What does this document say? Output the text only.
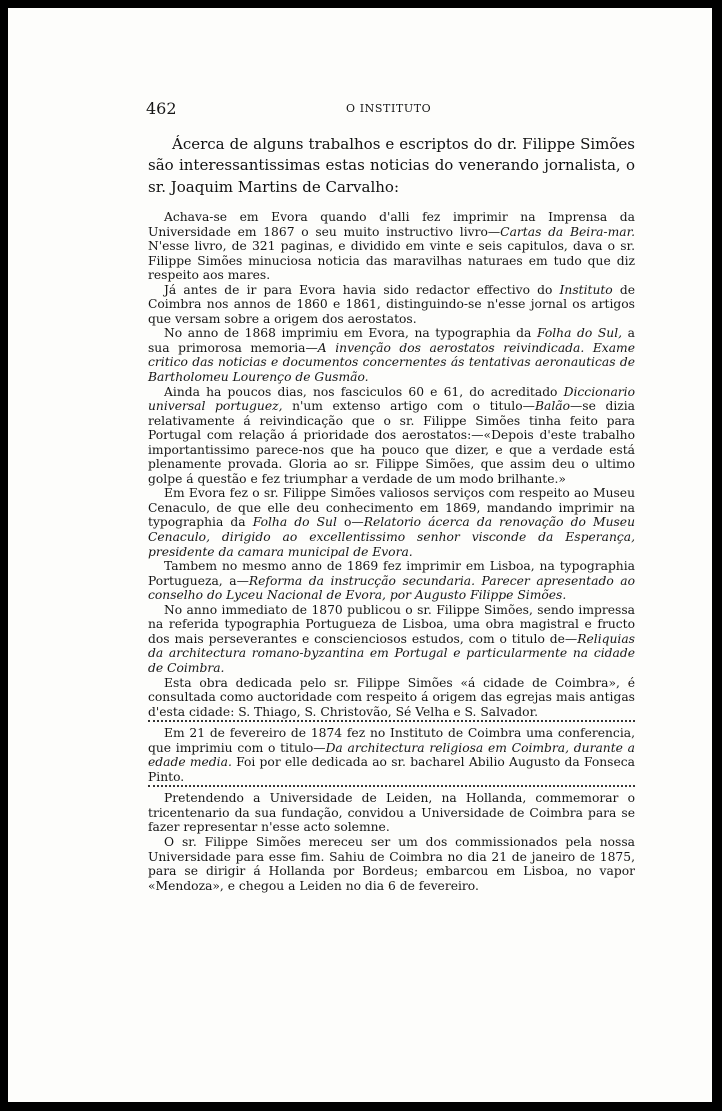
462	O INSTITUTO

Ácerca de alguns trabalhos e escriptos do dr. Filippe Simões são interessantissimas estas noticias do venerando jornalista, o sr. Joaquim Martins de Carvalho:

Achava-se em Evora quando d'alli fez imprimir na Imprensa da Universidade em 1867 o seu muito instructivo livro—Cartas da Beira-mar. N'esse livro, de 321 paginas, e dividido em vinte e seis capitulos, dava o sr. Filippe Simões minuciosa noticia das maravilhas naturaes em tudo que diz respeito aos mares.

Já antes de ir para Evora havia sido redactor effectivo do Instituto de Coimbra nos annos de 1860 e 1861, distinguindo-se n'esse jornal os artigos que versam sobre a origem dos aerostatos.

No anno de 1868 imprimiu em Evora, na typographia da Folha do Sul, a sua primorosa memoria—A invenção dos aerostatos reivindicada. Exame critico das noticias e documentos concernentes ás tentativas aeronauticas de Bartholomeu Lourenço de Gusmão.

Ainda ha poucos dias, nos fasciculos 60 e 61, do acreditado Diccionario universal portuguez, n'um extenso artigo com o titulo—Balão—se dizia relativamente á reivindicação que o sr. Filippe Simões tinha feito para Portugal com relação á prioridade dos aerostatos:—«Depois d'este trabalho importantissimo parece-nos que ha pouco que dizer, e que a verdade está plenamente provada. Gloria ao sr. Filippe Simões, que assim deu o ultimo golpe á questão e fez triumphar a verdade de um modo brilhante.»

Em Evora fez o sr. Filippe Simões valiosos serviços com respeito ao Museu Cenaculo, de que elle deu conhecimento em 1869, mandando imprimir na typographia da Folha do Sul o—Relatorio ácerca da renovação do Museu Cenaculo, dirigido ao excellentissimo senhor visconde da Esperança, presidente da camara municipal de Evora.

Tambem no mesmo anno de 1869 fez imprimir em Lisboa, na typographia Portugueza, a—Reforma da instrucção secundaria. Parecer apresentado ao conselho do Lyceu Nacional de Evora, por Augusto Filippe Simões.

No anno immediato de 1870 publicou o sr. Filippe Simões, sendo impressa na referida typographia Portugueza de Lisboa, uma obra magistral e fructo dos mais perseverantes e conscienciosos estudos, com o titulo de—Reliquias da architectura romano-byzantina em Portugal e particularmente na cidade de Coimbra.

Esta obra dedicada pelo sr. Filippe Simões «á cidade de Coimbra», é consultada como auctoridade com respeito á origem das egrejas mais antigas d'esta cidade: S. Thiago, S. Christovão, Sé Velha e S. Salvador.

Em 21 de fevereiro de 1874 fez no Instituto de Coimbra uma conferencia, que imprimiu com o titulo—Da architectura religiosa em Coimbra, durante a edade media. Foi por elle dedicada ao sr. bacharel Abilio Augusto da Fonseca Pinto.

Pretendendo a Universidade de Leiden, na Hollanda, commemorar o tricentenario da sua fundação, convidou a Universidade de Coimbra para se fazer representar n'esse acto solemne.

O sr. Filippe Simões mereceu ser um dos commissionados pela nossa Universidade para esse fim. Sahiu de Coimbra no dia 21 de janeiro de 1875, para se dirigir á Hollanda por Bordeus; embarcou em Lisboa, no vapor «Mendoza», e chegou a Leiden no dia 6 de fevereiro.
